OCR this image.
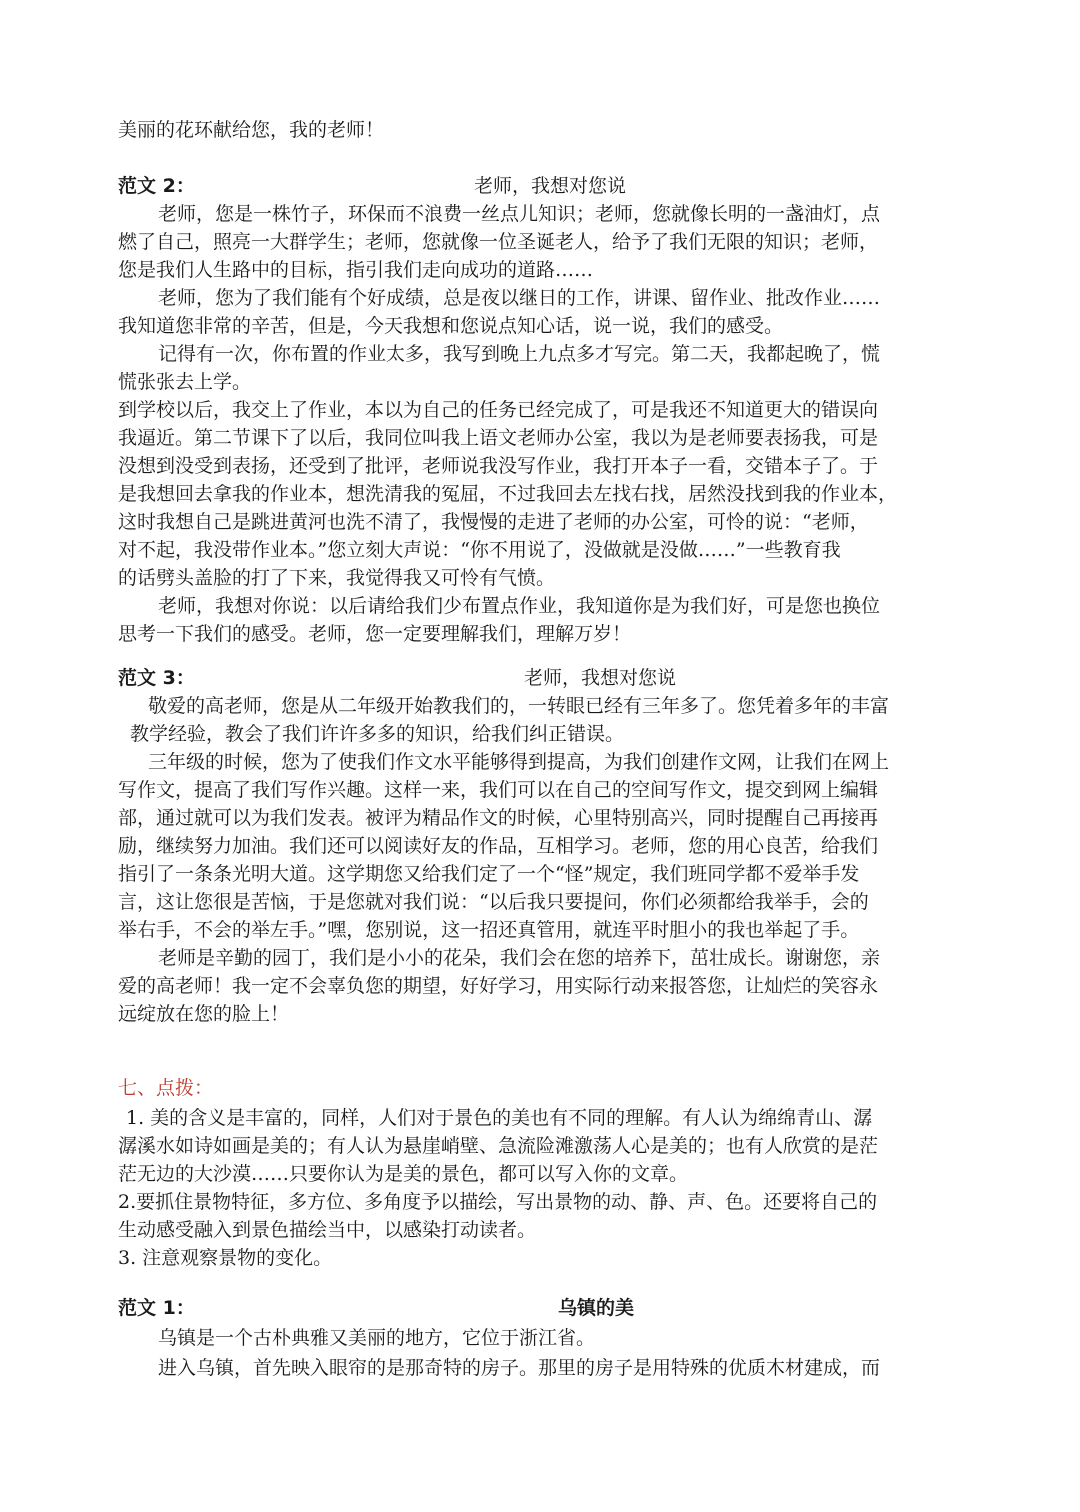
美丽的花环献给您，我的老师！
范文 2：	老师，我想对您说
老师，您是一株竹子，环保而不浪费一丝点儿知识；老师，您就像长明的一盏油灯，点
燃了自己，照亮一大群学生；老师，您就像一位圣诞老人，给予了我们无限的知识；老师，
您是我们人生路中的目标，指引我们走向成功的道路……
老师，您为了我们能有个好成绩，总是夜以继日的工作，讲课、留作业、批改作业……
我知道您非常的辛苦，但是，今天我想和您说点知心话，说一说，我们的感受。
记得有一次，你布置的作业太多，我写到晚上九点多才写完。第二天，我都起晚了，慌
慌张张去上学。
到学校以后，我交上了作业，本以为自己的任务已经完成了，可是我还不知道更大的错误向
我逼近。第二节课下了以后，我同位叫我上语文老师办公室，我以为是老师要表扬我，可是
没想到没受到表扬，还受到了批评，老师说我没写作业，我打开本子一看，交错本子了。于
是我想回去拿我的作业本，想洗清我的冤屈，不过我回去左找右找，居然没找到我的作业本，
这时我想自己是跳进黄河也洗不清了，我慢慢的走进了老师的办公室，可怜的说：“老师，
对不起，我没带作业本。”您立刻大声说：“你不用说了，没做就是没做……”一些教育我
的话劈头盖脸的打了下来，我觉得我又可怜有气愤。
老师，我想对你说：以后请给我们少布置点作业，我知道你是为我们好，可是您也换位
思考一下我们的感受。老师，您一定要理解我们，理解万岁！
范文 3：	老师，我想对您说
敬爱的高老师，您是从二年级开始教我们的，一转眼已经有三年多了。您凭着多年的丰富
教学经验，教会了我们许许多多的知识，给我们纠正错误。
三年级的时候，您为了使我们作文水平能够得到提高，为我们创建作文网，让我们在网上
写作文，提高了我们写作兴趣。这样一来，我们可以在自己的空间写作文，提交到网上编辑
部，通过就可以为我们发表。被评为精品作文的时候，心里特别高兴，同时提醒自己再接再
励，继续努力加油。我们还可以阅读好友的作品，互相学习。老师，您的用心良苦，给我们
指引了一条条光明大道。这学期您又给我们定了一个“怪”规定，我们班同学都不爱举手发
言，这让您很是苦恼，于是您就对我们说：“以后我只要提问，你们必须都给我举手，会的
举右手，不会的举左手。”嘿，您别说，这一招还真管用，就连平时胆小的我也举起了手。
老师是辛勤的园丁，我们是小小的花朵，我们会在您的培养下，茁壮成长。谢谢您，亲
爱的高老师！我一定不会辜负您的期望，好好学习，用实际行动来报答您，让灿烂的笑容永
远绽放在您的脸上！
七、点拨：
1. 美的含义是丰富的，同样，人们对于景色的美也有不同的理解。有人认为绵绵青山、潺
潺溪水如诗如画是美的；有人认为悬崖峭壁、急流险滩激荡人心是美的；也有人欣赏的是茫
茫无边的大沙漠……只要你认为是美的景色，都可以写入你的文章。
2.要抓住景物特征，多方位、多角度予以描绘，写出景物的动、静、声、色。还要将自己的
生动感受融入到景色描绘当中，以感染打动读者。
3. 注意观察景物的变化。
范文 1：	乌镇的美
乌镇是一个古朴典雅又美丽的地方，它位于浙江省。
进入乌镇，首先映入眼帘的是那奇特的房子。那里的房子是用特殊的优质木材建成，而
